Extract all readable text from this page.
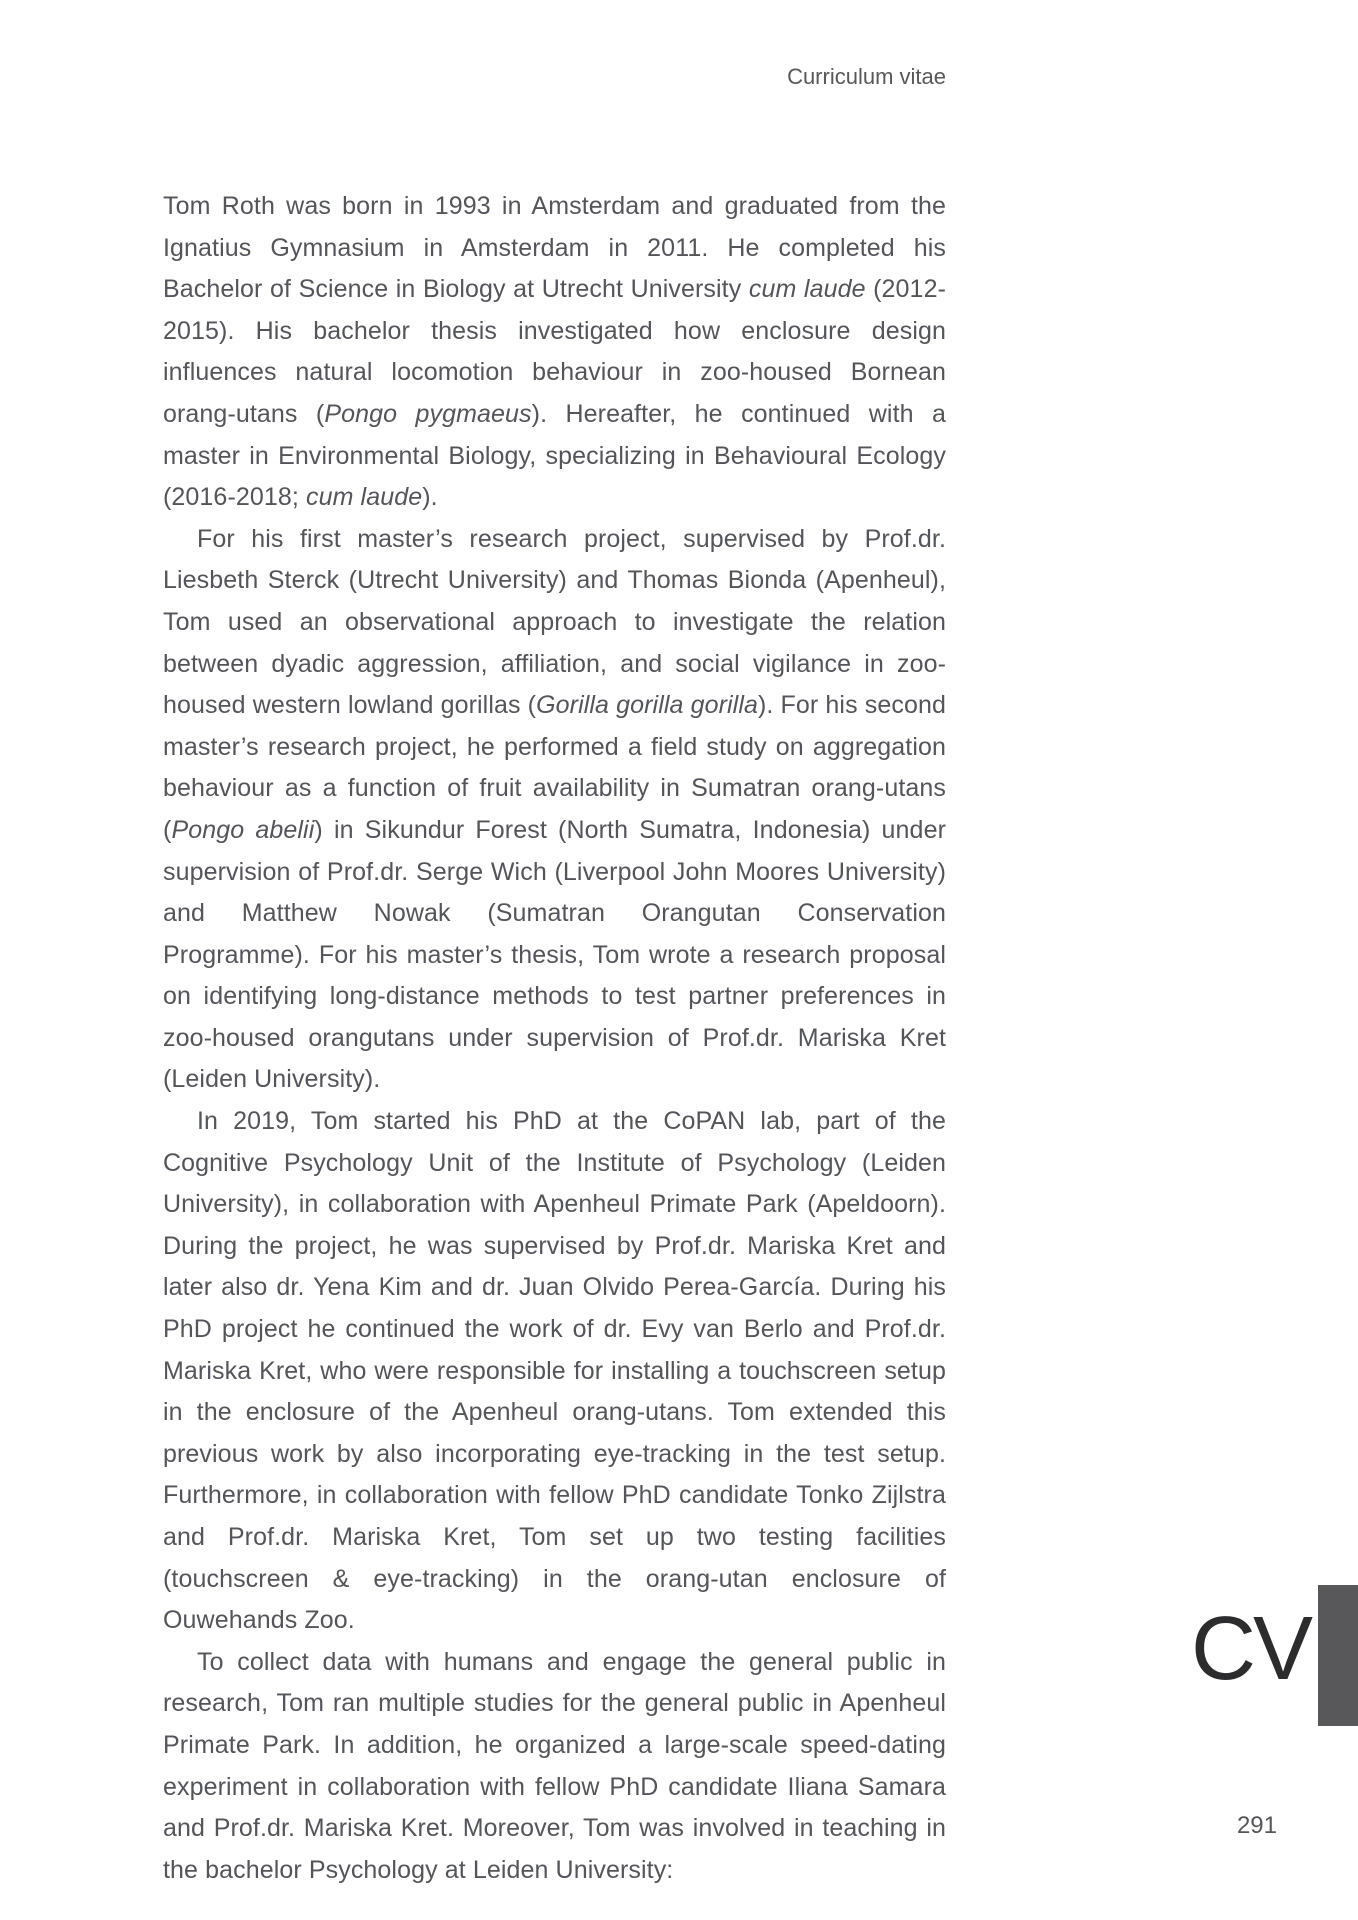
Curriculum vitae

Tom Roth was born in 1993 in Amsterdam and graduated from the Ignatius Gymnasium in Amsterdam in 2011. He completed his Bachelor of Science in Biology at Utrecht University cum laude (2012-2015). His bachelor thesis investigated how enclosure design influences natural locomotion behaviour in zoo-housed Bornean orang-utans (Pongo pygmaeus). Hereafter, he continued with a master in Environmental Biology, specializing in Behavioural Ecology (2016-2018; cum laude).

For his first master’s research project, supervised by Prof.dr. Liesbeth Sterck (Utrecht University) and Thomas Bionda (Apenheul), Tom used an observational approach to investigate the relation between dyadic aggression, affiliation, and social vigilance in zoo-housed western lowland gorillas (Gorilla gorilla gorilla). For his second master’s research project, he performed a field study on aggregation behaviour as a function of fruit availability in Sumatran orang-utans (Pongo abelii) in Sikundur Forest (North Sumatra, Indonesia) under supervision of Prof.dr. Serge Wich (Liverpool John Moores University) and Matthew Nowak (Sumatran Orangutan Conservation Programme). For his master’s thesis, Tom wrote a research proposal on identifying long-distance methods to test partner preferences in zoo-housed orangutans under supervision of Prof.dr. Mariska Kret (Leiden University).

In 2019, Tom started his PhD at the CoPAN lab, part of the Cognitive Psychology Unit of the Institute of Psychology (Leiden University), in collaboration with Apenheul Primate Park (Apeldoorn). During the project, he was supervised by Prof.dr. Mariska Kret and later also dr. Yena Kim and dr. Juan Olvido Perea-García. During his PhD project he continued the work of dr. Evy van Berlo and Prof.dr. Mariska Kret, who were responsible for installing a touchscreen setup in the enclosure of the Apenheul orang-utans. Tom extended this previous work by also incorporating eye-tracking in the test setup. Furthermore, in collaboration with fellow PhD candidate Tonko Zijlstra and Prof.dr. Mariska Kret, Tom set up two testing facilities (touchscreen & eye-tracking) in the orang-utan enclosure of Ouwehands Zoo.

To collect data with humans and engage the general public in research, Tom ran multiple studies for the general public in Apenheul Primate Park. In addition, he organized a large-scale speed-dating experiment in collaboration with fellow PhD candidate Iliana Samara and Prof.dr. Mariska Kret. Moreover, Tom was involved in teaching in the bachelor Psychology at Leiden University:

CV
291
